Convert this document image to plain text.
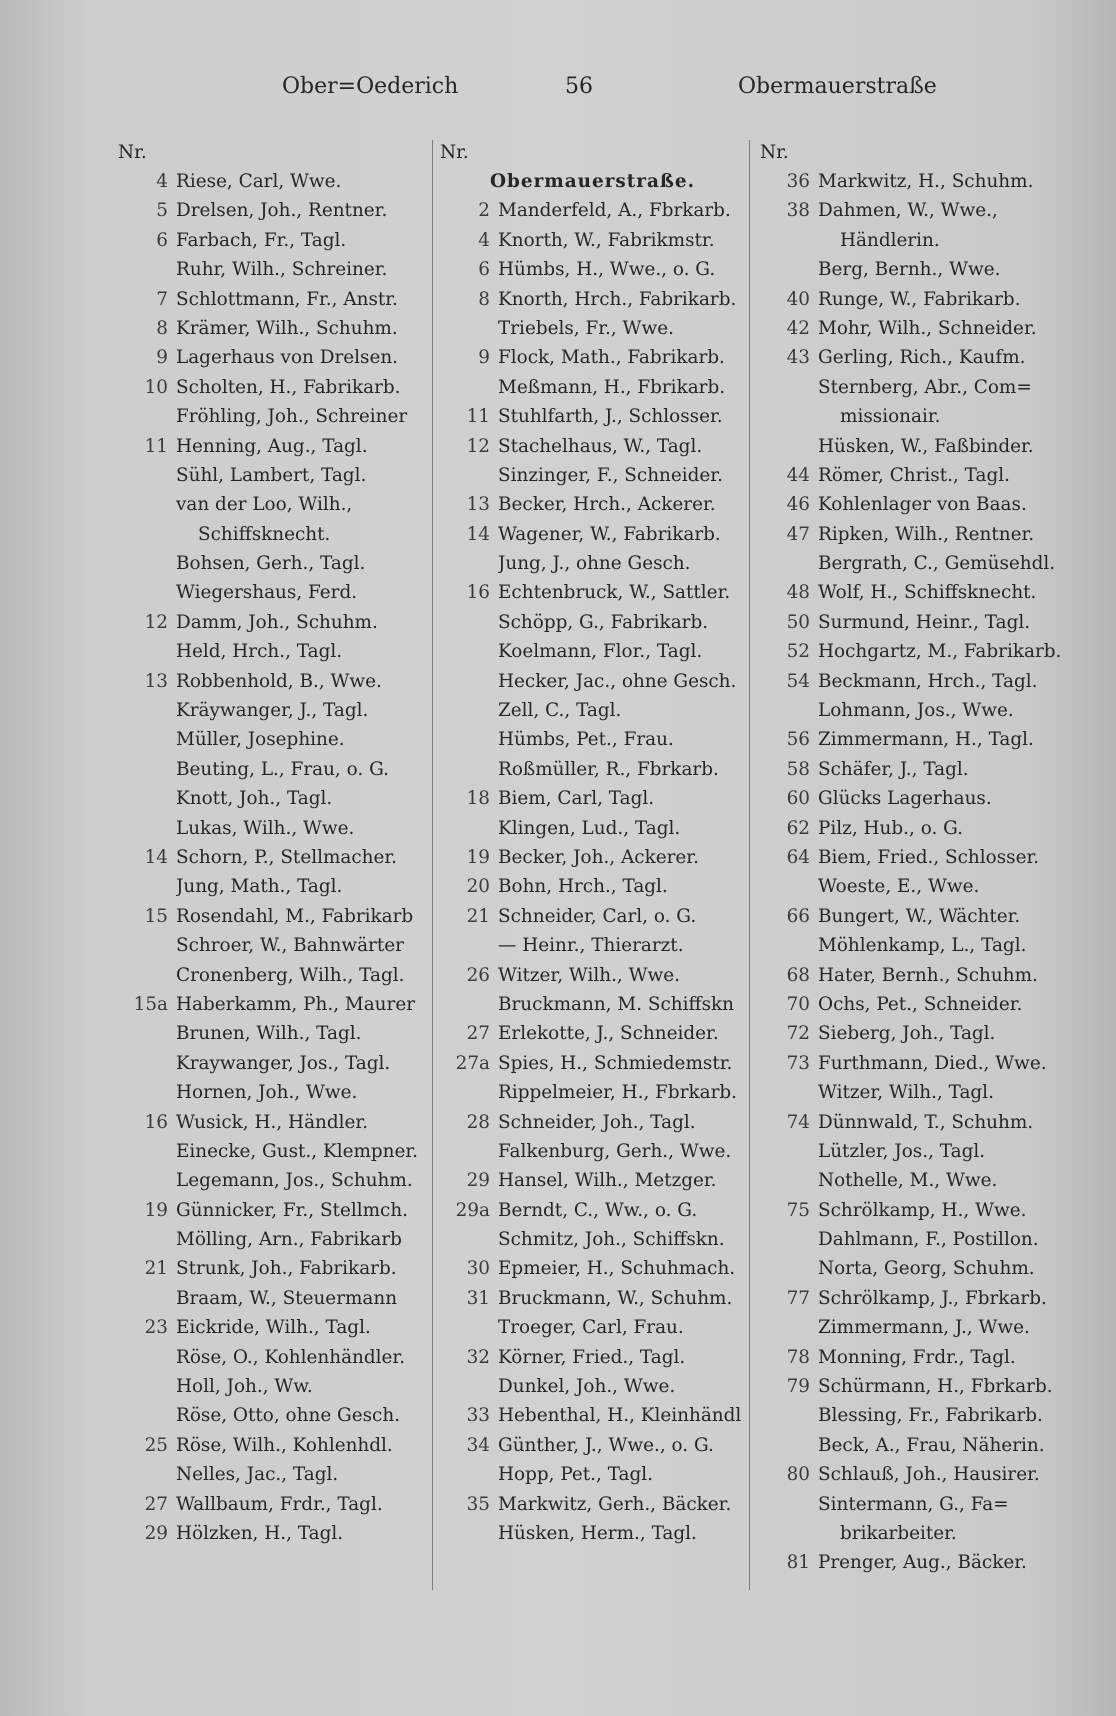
Ober=Oederich	56	Obermauerstraße
Nr.
4 Riese, Carl, Wwe.
5 Drelsen, Joh., Rentner.
6 Farbach, Fr., Tagl.
Ruhr, Wilh., Schreiner.
7 Schlottmann, Fr., Anstr.
8 Krämer, Wilh., Schuhm.
9 Lagerhaus von Drelsen.
10 Scholten, H., Fabrikarb.
Fröhling, Joh., Schreiner
11 Henning, Aug., Tagl.
Sühl, Lambert, Tagl.
van der Loo, Wilh.,
Schiffsknecht.
Bohsen, Gerh., Tagl.
Wiegershaus, Ferd.
12 Damm, Joh., Schuhm.
Held, Hrch., Tagl.
13 Robbenhold, B., Wwe.
Kräywanger, J., Tagl.
Müller, Josephine.
Beuting, L., Frau, o. G.
Knott, Joh., Tagl.
Lukas, Wilh., Wwe.
14 Schorn, P., Stellmacher.
Jung, Math., Tagl.
15 Rosendahl, M., Fabrikarb
Schroer, W., Bahnwärter
Cronenberg, Wilh., Tagl.
15a Haberkamm, Ph., Maurer
Brunen, Wilh., Tagl.
Kraywanger, Jos., Tagl.
Hornen, Joh., Wwe.
16 Wusick, H., Händler.
Einecke, Gust., Klempner.
Legemann, Jos., Schuhm.
19 Günnicker, Fr., Stellmch.
Mölling, Arn., Fabrikarb
21 Strunk, Joh., Fabrikarb.
Braam, W., Steuermann
23 Eickride, Wilh., Tagl.
Röse, O., Kohlenhändler.
Holl, Joh., Ww.
Röse, Otto, ohne Gesch.
25 Röse, Wilh., Kohlenhdl.
Nelles, Jac., Tagl.
27 Wallbaum, Frdr., Tagl.
29 Hölzken, H., Tagl.
Nr.
Obermauerstraße.
2 Manderfeld, A., Fbrkarb.
4 Knorth, W., Fabrikmstr.
6 Hümbs, H., Wwe., o. G.
8 Knorth, Hrch., Fabrikarb.
Triebels, Fr., Wwe.
9 Flock, Math., Fabrikarb.
Meßmann, H., Fbrikarb.
11 Stuhlfarth, J., Schlosser.
12 Stachelhaus, W., Tagl.
Sinzinger, F., Schneider.
13 Becker, Hrch., Ackerer.
14 Wagener, W., Fabrikarb.
Jung, J., ohne Gesch.
16 Echtenbruck, W., Sattler.
Schöpp, G., Fabrikarb.
Koelmann, Flor., Tagl.
Hecker, Jac., ohne Gesch.
Zell, C., Tagl.
Hümbs, Pet., Frau.
Roßmüller, R., Fbrkarb.
18 Biem, Carl, Tagl.
Klingen, Lud., Tagl.
19 Becker, Joh., Ackerer.
20 Bohn, Hrch., Tagl.
21 Schneider, Carl, o. G.
— Heinr., Thierarzt.
26 Witzer, Wilh., Wwe.
Bruckmann, M. Schiffskn
27 Erlekotte, J., Schneider.
27a Spies, H., Schmiedemstr.
Rippelmeier, H., Fbrkarb.
28 Schneider, Joh., Tagl.
Falkenburg, Gerh., Wwe.
29 Hansel, Wilh., Metzger.
29a Berndt, C., Ww., o. G.
Schmitz, Joh., Schiffskn.
30 Epmeier, H., Schuhmach.
31 Bruckmann, W., Schuhm.
Troeger, Carl, Frau.
32 Körner, Fried., Tagl.
Dunkel, Joh., Wwe.
33 Hebenthal, H., Kleinhändl
34 Günther, J., Wwe., o. G.
Hopp, Pet., Tagl.
35 Markwitz, Gerh., Bäcker.
Hüsken, Herm., Tagl.
Nr.
36 Markwitz, H., Schuhm.
38 Dahmen, W., Wwe.,
Händlerin.
Berg, Bernh., Wwe.
40 Runge, W., Fabrikarb.
42 Mohr, Wilh., Schneider.
43 Gerling, Rich., Kaufm.
Sternberg, Abr., Com=
missionair.
Hüsken, W., Faßbinder.
44 Römer, Christ., Tagl.
46 Kohlenlager von Baas.
47 Ripken, Wilh., Rentner.
Bergrath, C., Gemüsehdl.
48 Wolf, H., Schiffsknecht.
50 Surmund, Heinr., Tagl.
52 Hochgartz, M., Fabrikarb.
54 Beckmann, Hrch., Tagl.
Lohmann, Jos., Wwe.
56 Zimmermann, H., Tagl.
58 Schäfer, J., Tagl.
60 Glücks Lagerhaus.
62 Pilz, Hub., o. G.
64 Biem, Fried., Schlosser.
Woeste, E., Wwe.
66 Bungert, W., Wächter.
Möhlenkamp, L., Tagl.
68 Hater, Bernh., Schuhm.
70 Ochs, Pet., Schneider.
72 Sieberg, Joh., Tagl.
73 Furthmann, Died., Wwe.
Witzer, Wilh., Tagl.
74 Dünnwald, T., Schuhm.
Lützler, Jos., Tagl.
Nothelle, M., Wwe.
75 Schrölkamp, H., Wwe.
Dahlmann, F., Postillon.
Norta, Georg, Schuhm.
77 Schrölkamp, J., Fbrkarb.
Zimmermann, J., Wwe.
78 Monning, Frdr., Tagl.
79 Schürmann, H., Fbrkarb.
Blessing, Fr., Fabrikarb.
Beck, A., Frau, Näherin.
80 Schlauß, Joh., Hausirer.
Sintermann, G., Fa=
brikarbeiter.
81 Prenger, Aug., Bäcker.
